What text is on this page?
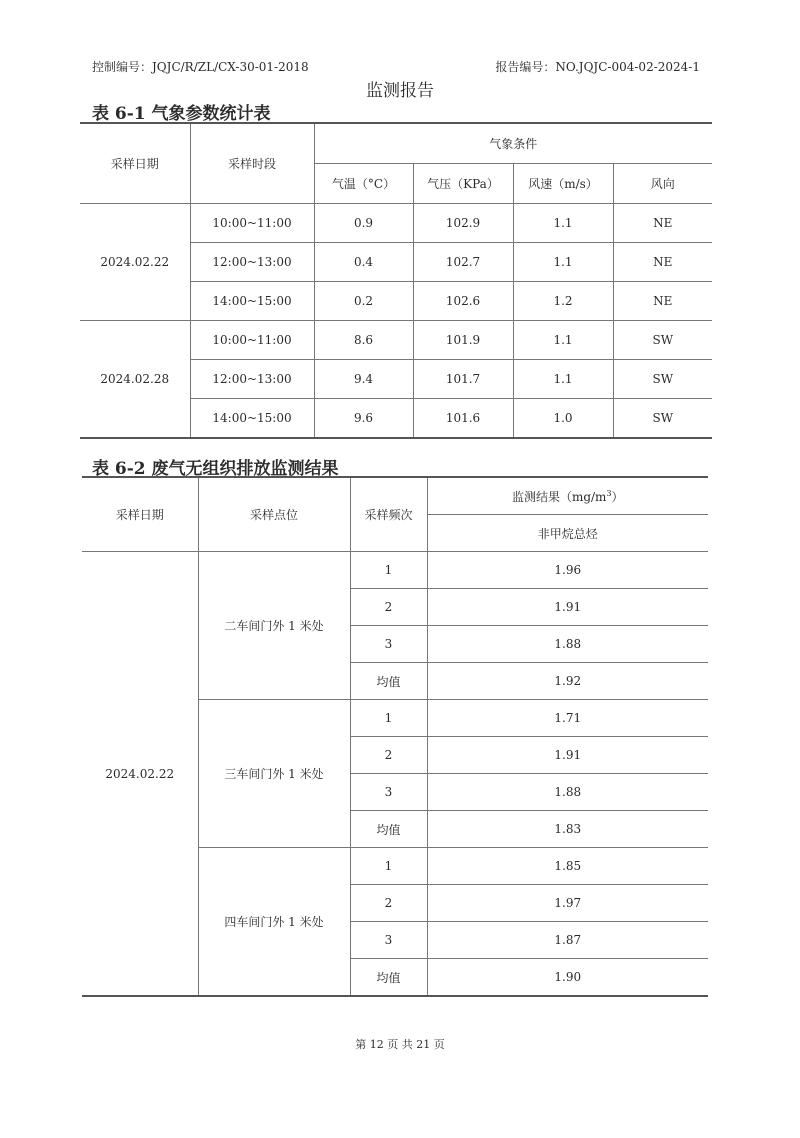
控制编号：JQJC/R/ZL/CX-30-01-2018	报告编号：NO.JQJC-004-02-2024-1
监测报告
表 6-1 气象参数统计表
采样日期	采样时段	气象条件			
		气温（°C）	气压（KPa）	风速（m/s）	风向
2024.02.22	10:00~11:00	0.9	102.9	1.1	NE
	12:00~13:00	0.4	102.7	1.1	NE
	14:00~15:00	0.2	102.6	1.2	NE
2024.02.28	10:00~11:00	8.6	101.9	1.1	SW
	12:00~13:00	9.4	101.7	1.1	SW
	14:00~15:00	9.6	101.6	1.0	SW
表 6-2 废气无组织排放监测结果
采样日期	采样点位	采样频次	监测结果$(mg/m^3)$
			非甲烷总烃
2024.02.22	二车间门外 1 米处	1	1.96
		2	1.91
		3	1.88
		均值	1.92
	三车间门外 1 米处	1	1.71
		2	1.91
		3	1.88
		均值	1.83
	四车间门外 1 米处	1	1.85
		2	1.97
		3	1.87
		均值	1.90
第 12 页 共 21 页
